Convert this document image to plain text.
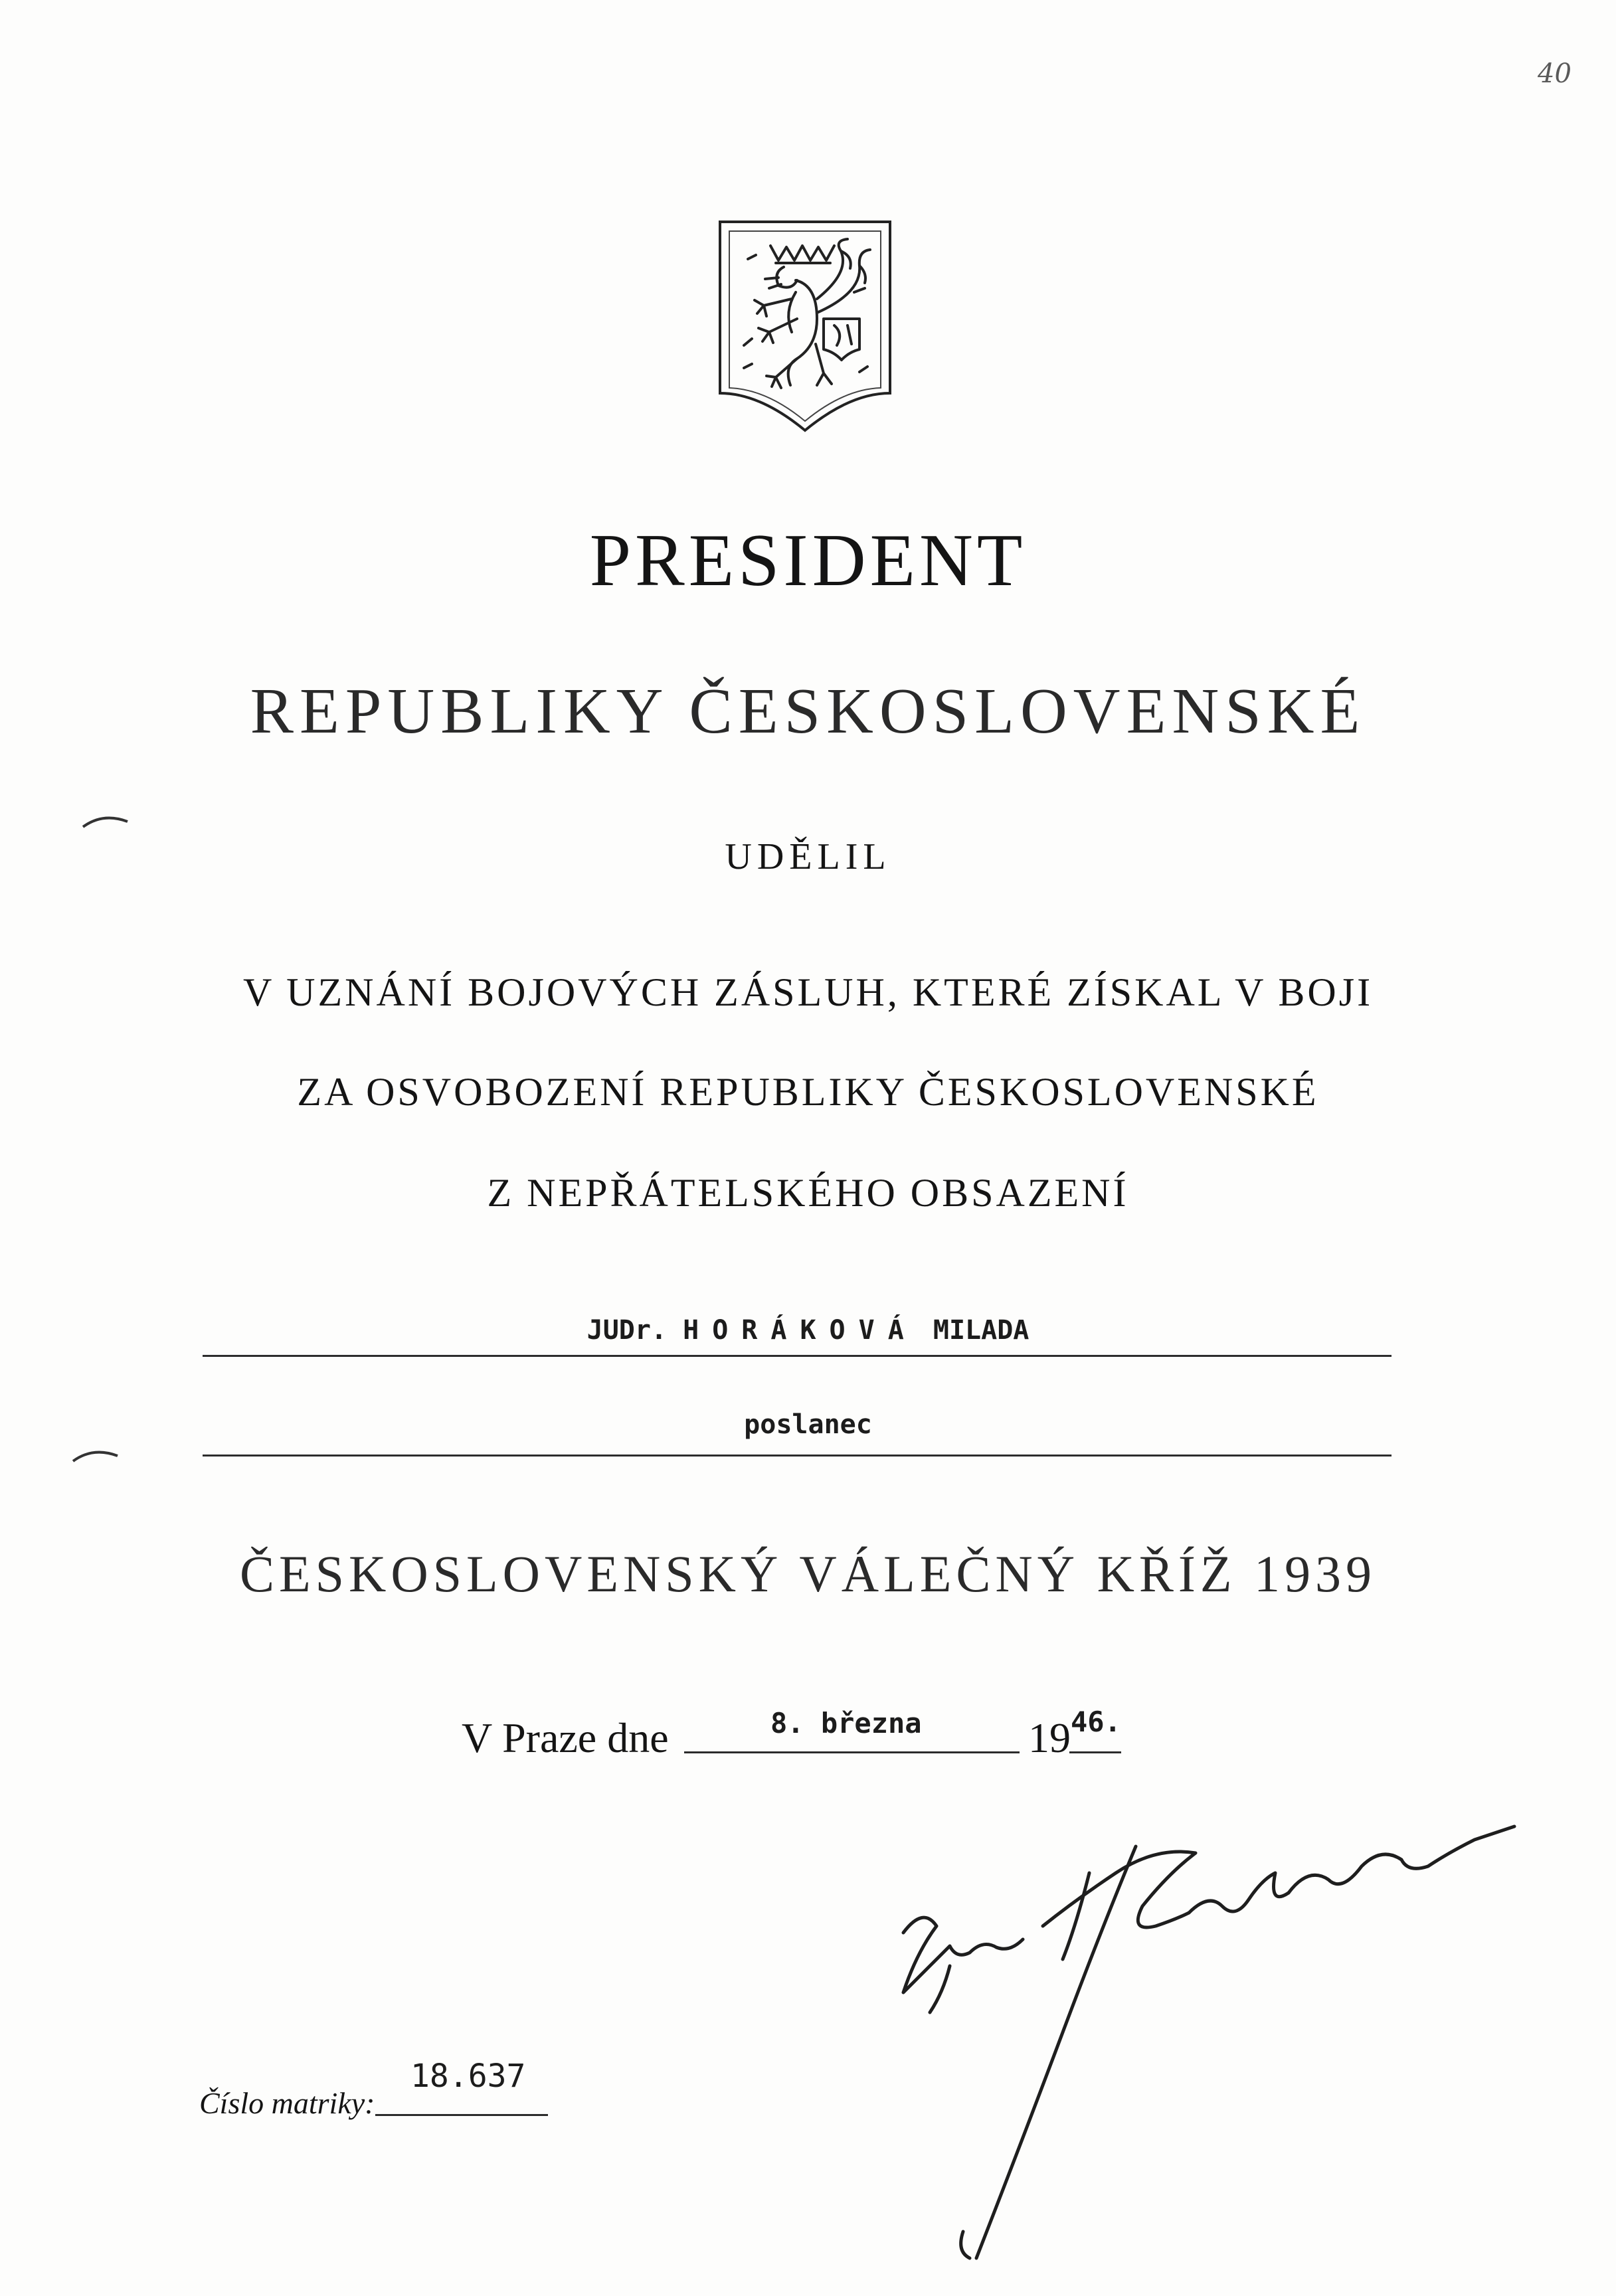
40
PRESIDENT
REPUBLIKY ČESKOSLOVENSKÉ
UDĚLIL
V UZNÁNÍ BOJOVÝCH ZÁSLUH, KTERÉ ZÍSKAL V BOJI
ZA OSVOBOZENÍ REPUBLIKY ČESKOSLOVENSKÉ
Z NEPŘÁTELSKÉHO OBSAZENÍ
JUDr. HORÁKOVÁ MILADA
poslanec
ČESKOSLOVENSKÝ VÁLEČNÝ KŘÍŽ 1939
V Praze dne	8. března	19 46.
Číslo matriky:
18.637
